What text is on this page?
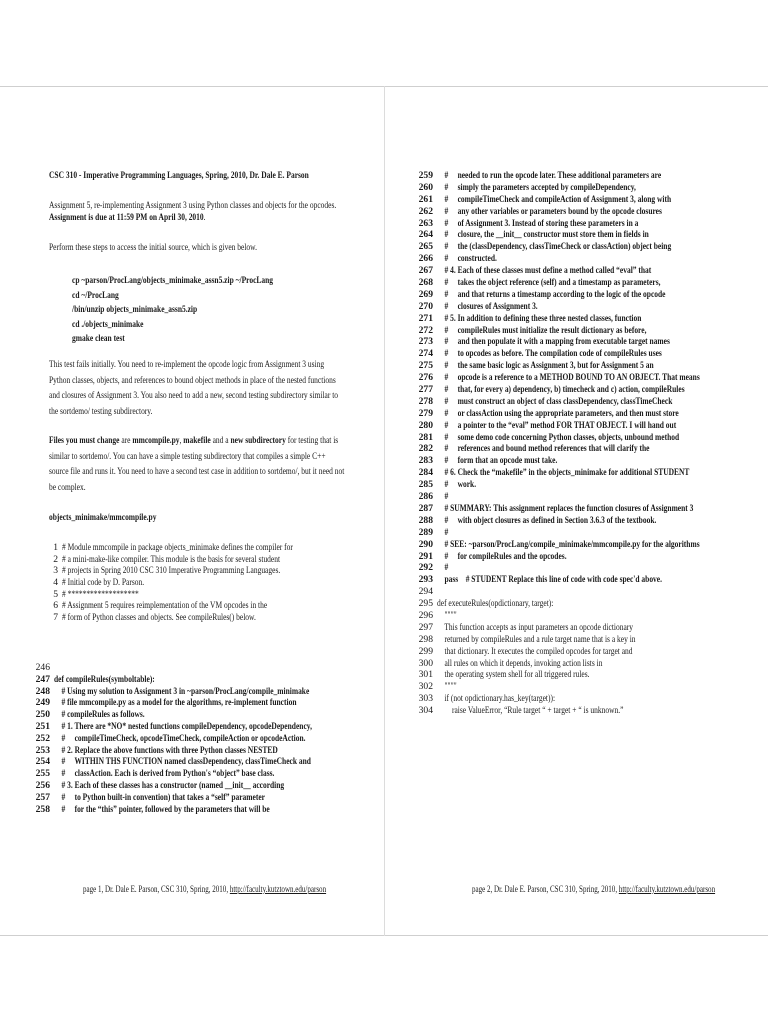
CSC 310 - Imperative Programming Languages, Spring, 2010, Dr. Dale E. Parson
Assignment 5, re-implementing Assignment 3 using Python classes and objects for the opcodes.
Assignment is due at 11:59 PM on April 30, 2010.
Perform these steps to access the initial source, which is given below.
cp ~parson/ProcLang/objects_minimake_assn5.zip ~/ProcLang
cd ~/ProcLang
/bin/unzip objects_minimake_assn5.zip
cd ./objects_minimake
gmake clean test
This test fails initially. You need to re-implement the opcode logic from Assignment 3 using
Python classes, objects, and references to bound object methods in place of the nested functions
and closures of Assignment 3. You also need to add a new, second testing subdirectory similar to
the sortdemo/ testing subdirectory.
Files you must change are mmcompile.py, makefile and a new subdirectory for testing that is
similar to sortdemo/. You can have a simple testing subdirectory that compiles a simple C++
source file and runs it. You need to have a second test case in addition to sortdemo/, but it need not
be complex.
objects_minimake/mmcompile.py
1 # Module mmcompile in package objects_minimake defines the compiler for
2 # a mini-make-like compiler. This module is the basis for several student
3 # projects in Spring 2010 CSC 310 Imperative Programming Languages.
4 # Initial code by D. Parson.
5 # *******************
6 # Assignment 5 requires reimplementation of the VM opcodes in the
7 # form of Python classes and objects. See compileRules() below.
246
247 def compileRules(symboltable):
248 # Using my solution to Assignment 3 in ~parson/ProcLang/compile_minimake
249 # file mmcompile.py as a model for the algorithms, re-implement function
250 # compileRules as follows.
251 # 1. There are *NO* nested functions compileDependency, opcodeDependency,
252 #     compileTimeCheck, opcodeTimeCheck, compileAction or opcodeAction.
253 # 2. Replace the above functions with three Python classes NESTED
254 #     WITHIN THS FUNCTION named classDependency, classTimeCheck and
255 #     classAction. Each is derived from Python's “object” base class.
256 # 3. Each of these classes has a constructor (named __init__ according
257 #     to Python built-in convention) that takes a “self” parameter
258 #     for the “this” pointer, followed by the parameters that will be
page 1, Dr. Dale E. Parson, CSC 310, Spring, 2010, http://faculty.kutztown.edu/parson
259 #     needed to run the opcode later. These additional parameters are
260 #     simply the parameters accepted by compileDependency,
261 #     compileTimeCheck and compileAction of Assignment 3, along with
262 #     any other variables or parameters bound by the opcode closures
263 #     of Assignment 3. Instead of storing these parameters in a
264 #     closure, the __init__ constructor must store them in fields in
265 #     the (classDependency, classTimeCheck or classAction) object being
266 #     constructed.
267 # 4. Each of these classes must define a method called “eval” that
268 #     takes the object reference (self) and a timestamp as parameters,
269 #     and that returns a timestamp according to the logic of the opcode
270 #     closures of Assignment 3.
271 # 5. In addition to defining these three nested classes, function
272 #     compileRules must initialize the result dictionary as before,
273 #     and then populate it with a mapping from executable target names
274 #     to opcodes as before. The compilation code of compileRules uses
275 #     the same basic logic as Assignment 3, but for Assignment 5 an
276 #     opcode is a reference to a METHOD BOUND TO AN OBJECT. That means
277 #     that, for every a) dependency, b) timecheck and c) action, compileRules
278 #     must construct an object of class classDependency, classTimeCheck
279 #     or classAction using the appropriate parameters, and then must store
280 #     a pointer to the “eval” method FOR THAT OBJECT. I will hand out
281 #     some demo code concerning Python classes, objects, unbound method
282 #     references and bound method references that will clarify the
283 #     form that an opcode must take.
284 # 6. Check the “makefile” in the objects_minimake for additional STUDENT
285 #     work.
286 #
287 # SUMMARY: This assignment replaces the function closures of Assignment 3
288 #     with object closures as defined in Section 3.6.3 of the textbook.
289 #
290 # SEE: ~parson/ProcLang/compile_minimake/mmcompile.py for the algorithms
291 #     for compileRules and the opcodes.
292 #
293 pass    # STUDENT Replace this line of code with code spec'd above.
294
295 def executeRules(opdictionary, target):
296 """"
297 This function accepts as input parameters an opcode dictionary
298 returned by compileRules and a rule target name that is a key in
299 that dictionary. It executes the compiled opcodes for target and
300 all rules on which it depends, invoking action lists in
301 the operating system shell for all triggered rules.
302 """"
303 if (not opdictionary.has_key(target)):
304 raise ValueError, “Rule target “ + target + “ is unknown.”
page 2, Dr. Dale E. Parson, CSC 310, Spring, 2010, http://faculty.kutztown.edu/parson
